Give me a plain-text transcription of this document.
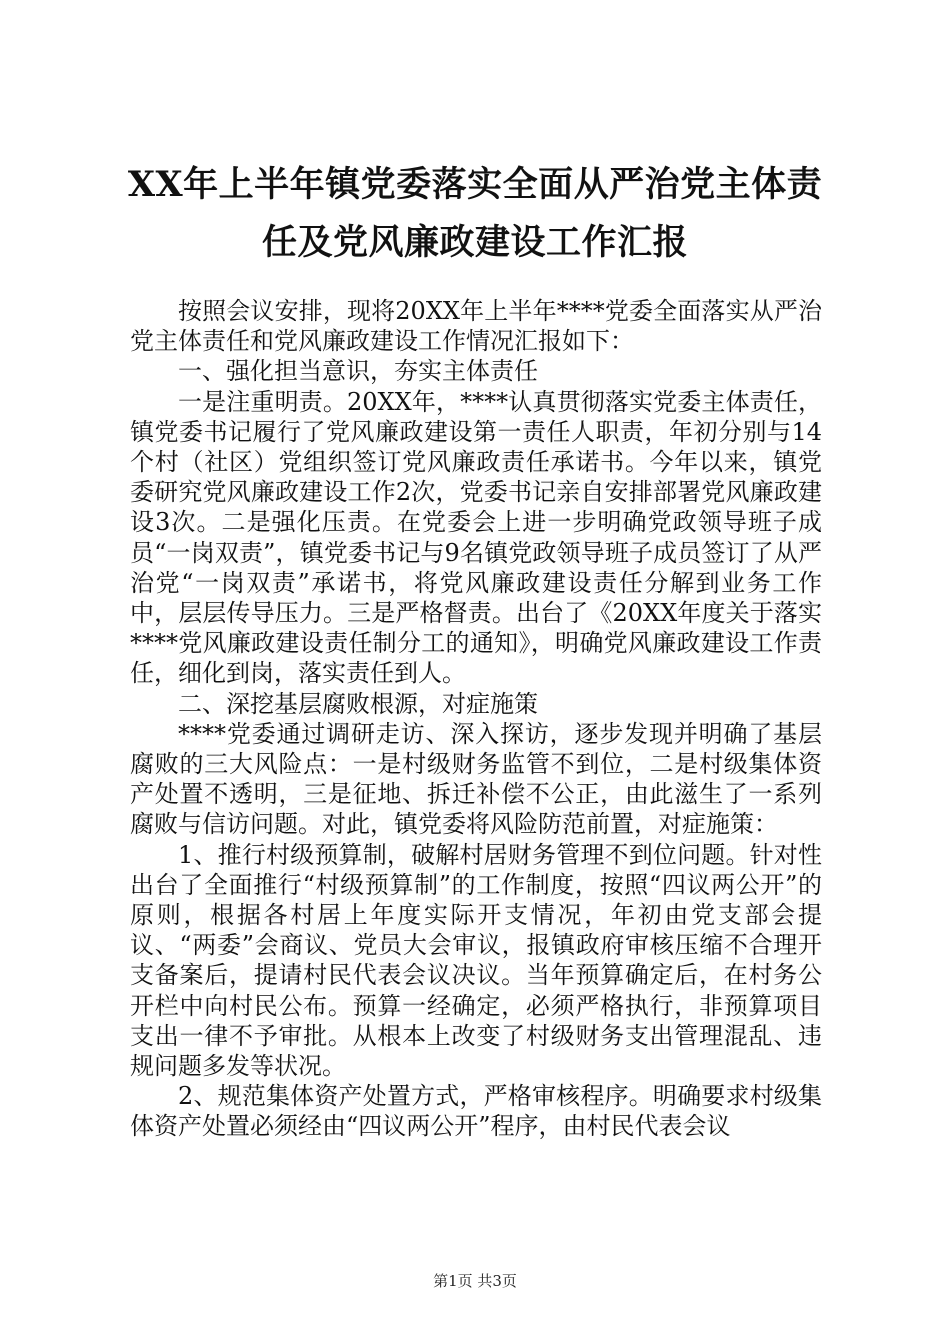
XX年上半年镇党委落实全面从严治党主体责
任及党风廉政建设工作汇报

按照会议安排，现将20XX年上半年****党委全面落实从严治党主体责任和党风廉政建设工作情况汇报如下：

一、强化担当意识，夯实主体责任

一是注重明责。20XX年，****认真贯彻落实党委主体责任，镇党委书记履行了党风廉政建设第一责任人职责，年初分别与14个村（社区）党组织签订党风廉政责任承诺书。今年以来，镇党委研究党风廉政建设工作2次，党委书记亲自安排部署党风廉政建设3次。二是强化压责。在党委会上进一步明确党政领导班子成员“一岗双责”，镇党委书记与9名镇党政领导班子成员签订了从严治党“一岗双责”承诺书，将党风廉政建设责任分解到业务工作中，层层传导压力。三是严格督责。出台了《20XX年度关于落实****党风廉政建设责任制分工的通知》，明确党风廉政建设工作责任，细化到岗，落实责任到人。

二、深挖基层腐败根源，对症施策

****党委通过调研走访、深入探访，逐步发现并明确了基层腐败的三大风险点：一是村级财务监管不到位，二是村级集体资产处置不透明，三是征地、拆迁补偿不公正，由此滋生了一系列腐败与信访问题。对此，镇党委将风险防范前置，对症施策：

1、推行村级预算制，破解村居财务管理不到位问题。针对性出台了全面推行“村级预算制”的工作制度，按照“四议两公开”的原则，根据各村居上年度实际开支情况，年初由党支部会提议、“两委”会商议、党员大会审议，报镇政府审核压缩不合理开支备案后，提请村民代表会议决议。当年预算确定后，在村务公开栏中向村民公布。预算一经确定，必须严格执行，非预算项目支出一律不予审批。从根本上改变了村级财务支出管理混乱、违规问题多发等状况。

2、规范集体资产处置方式，严格审核程序。明确要求村级集体资产处置必须经由“四议两公开”程序，由村民代表会议

第1页 共3页
